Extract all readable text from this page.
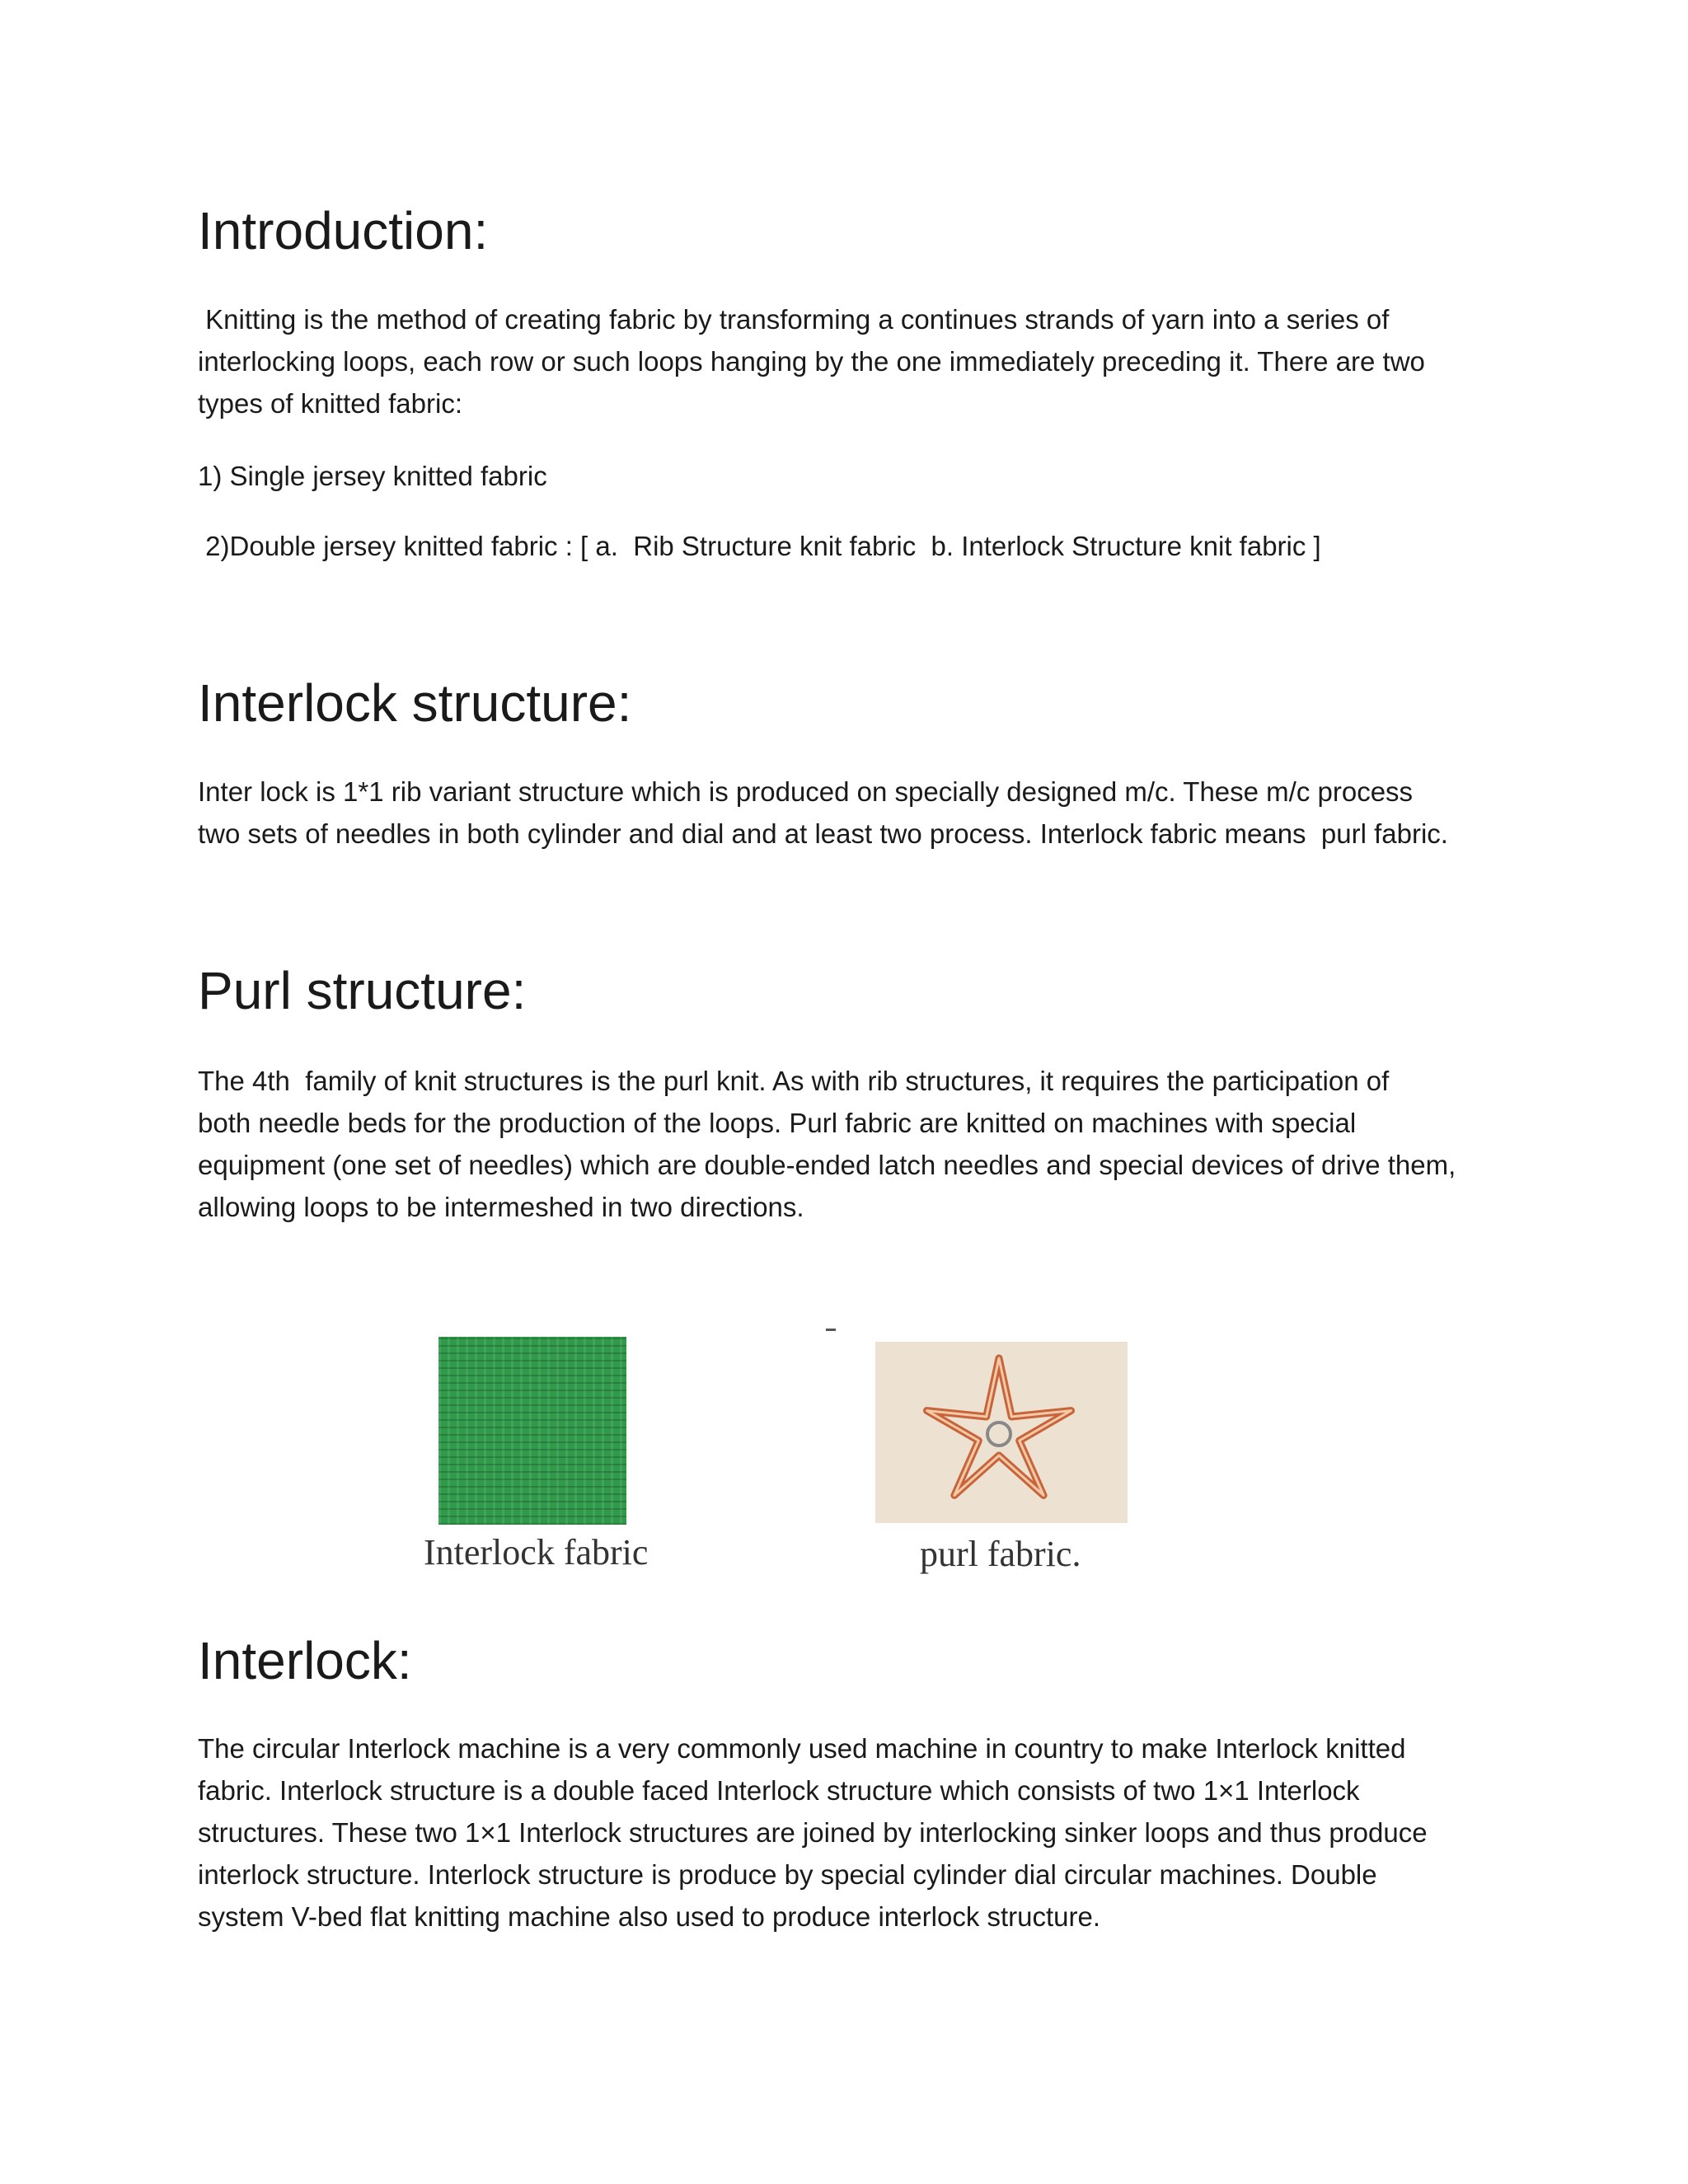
Introduction:

Knitting is the method of creating fabric by transforming a continues strands of yarn into a series of
interlocking loops, each row or such loops hanging by the one immediately preceding it. There are two
types of knitted fabric:

1) Single jersey knitted fabric

2)Double jersey knitted fabric : [ a.  Rib Structure knit fabric  b. Interlock Structure knit fabric ]

Interlock structure:

Inter lock is 1*1 rib variant structure which is produced on specially designed m/c. These m/c process
two sets of needles in both cylinder and dial and at least two process. Interlock fabric means  purl fabric.

Purl structure:

The 4th  family of knit structures is the purl knit. As with rib structures, it requires the participation of
both needle beds for the production of the loops. Purl fabric are knitted on machines with special
equipment (one set of needles) which are double-ended latch needles and special devices of drive them,
allowing loops to be intermeshed in two directions.

Interlock fabric	purl fabric.
Interlock:

The circular Interlock machine is a very commonly used machine in country to make Interlock knitted
fabric. Interlock structure is a double faced Interlock structure which consists of two 1×1 Interlock
structures. These two 1×1 Interlock structures are joined by interlocking sinker loops and thus produce
interlock structure. Interlock structure is produce by special cylinder dial circular machines. Double
system V-bed flat knitting machine also used to produce interlock structure.
